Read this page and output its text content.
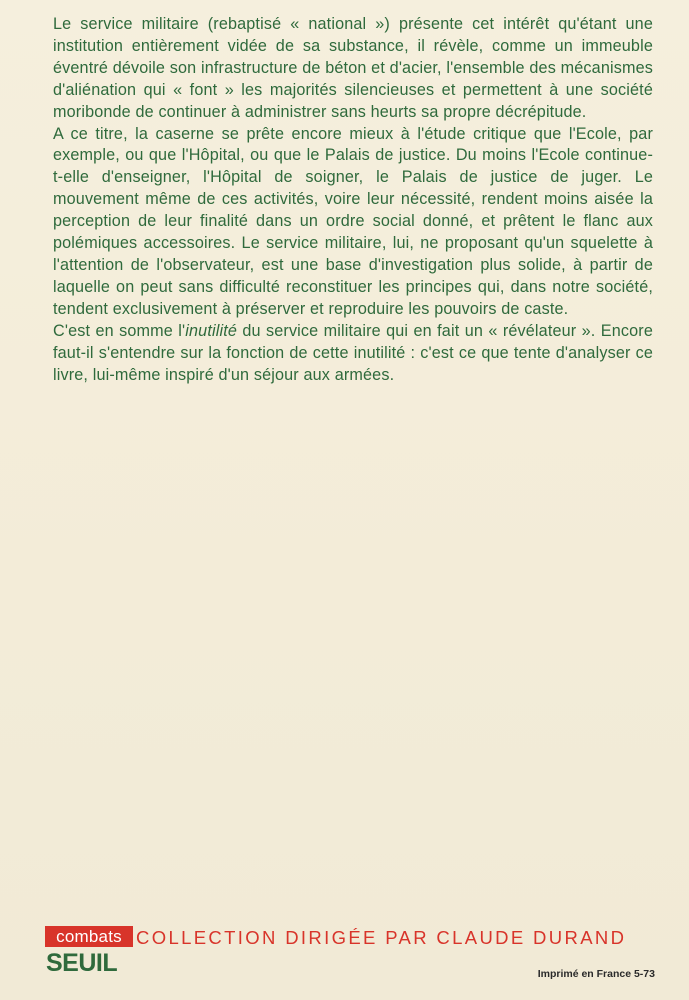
Le service militaire (rebaptisé « national ») présente cet intérêt qu'étant une institution entièrement vidée de sa substance, il révèle, comme un immeuble éventré dévoile son infrastructure de béton et d'acier, l'ensemble des mécanismes d'aliénation qui « font » les majorités silencieuses et permettent à une société moribonde de continuer à administrer sans heurts sa propre décrépitude.

A ce titre, la caserne se prête encore mieux à l'étude critique que l'Ecole, par exemple, ou que l'Hôpital, ou que le Palais de justice. Du moins l'Ecole continue-t-elle d'enseigner, l'Hôpital de soigner, le Palais de justice de juger. Le mouvement même de ces activités, voire leur nécessité, rendent moins aisée la perception de leur finalité dans un ordre social donné, et prêtent le flanc aux polémiques accessoires. Le service militaire, lui, ne proposant qu'un squelette à l'attention de l'observateur, est une base d'investigation plus solide, à partir de laquelle on peut sans difficulté reconstituer les principes qui, dans notre société, tendent exclusivement à préserver et reproduire les pouvoirs de caste.

C'est en somme l'inutilité du service militaire qui en fait un « révélateur ». Encore faut-il s'entendre sur la fonction de cette inutilité : c'est ce que tente d'analyser ce livre, lui-même inspiré d'un séjour aux armées.

combats COLLECTION DIRIGÉE PAR CLAUDE DURAND
SEUIL	Imprimé en France 5-73
